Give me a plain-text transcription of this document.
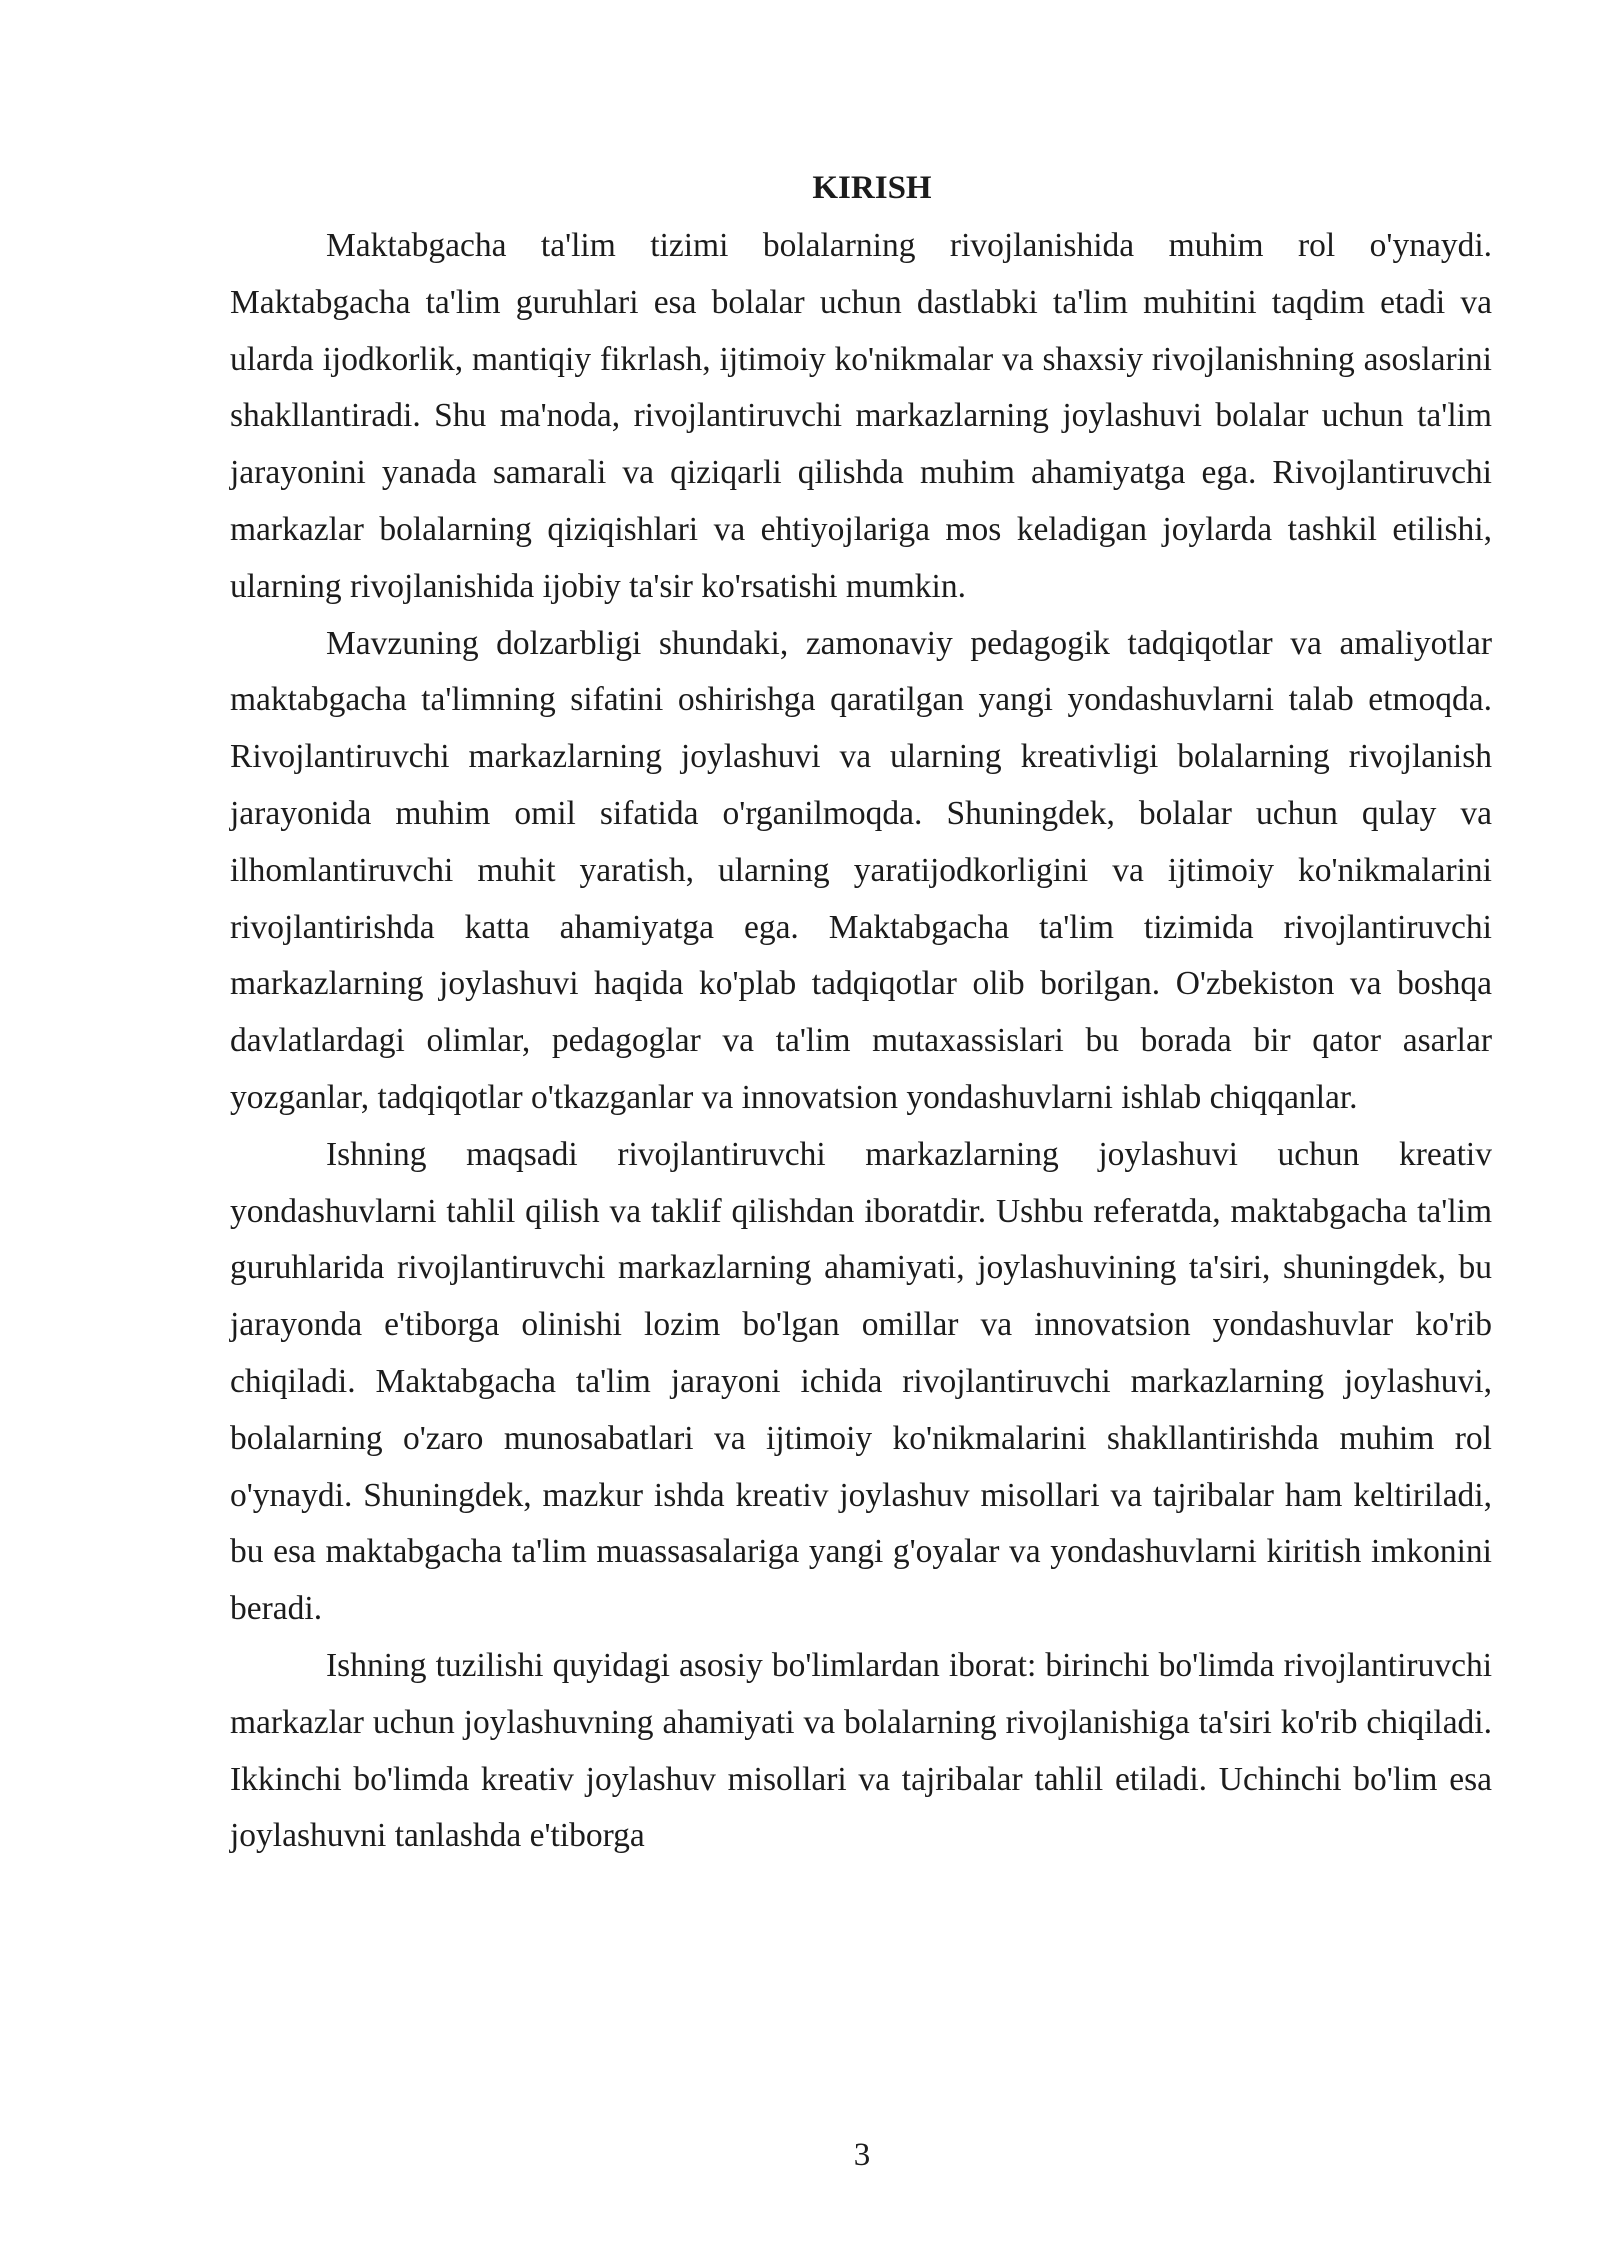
KIRISH

Maktabgacha ta'lim tizimi bolalarning rivojlanishida muhim rol o'ynaydi. Maktabgacha ta'lim guruhlari esa bolalar uchun dastlabki ta'lim muhitini taqdim etadi va ularda ijodkorlik, mantiqiy fikrlash, ijtimoiy ko'nikmalar va shaxsiy rivojlanishning asoslarini shakllantiradi. Shu ma'noda, rivojlantiruvchi markazlarning joylashuvi bolalar uchun ta'lim jarayonini yanada samarali va qiziqarli qilishda muhim ahamiyatga ega. Rivojlantiruvchi markazlar bolalarning qiziqishlari va ehtiyojlariga mos keladigan joylarda tashkil etilishi, ularning rivojlanishida ijobiy ta'sir ko'rsatishi mumkin.

Mavzuning dolzarbligi shundaki, zamonaviy pedagogik tadqiqotlar va amaliyotlar maktabgacha ta'limning sifatini oshirishga qaratilgan yangi yondashuvlarni talab etmoqda. Rivojlantiruvchi markazlarning joylashuvi va ularning kreativligi bolalarning rivojlanish jarayonida muhim omil sifatida o'rganilmoqda. Shuningdek, bolalar uchun qulay va ilhomlantiruvchi muhit yaratish, ularning yaratijodkorligini va ijtimoiy ko'nikmalarini rivojlantirishda katta ahamiyatga ega. Maktabgacha ta'lim tizimida rivojlantiruvchi markazlarning joylashuvi haqida ko'plab tadqiqotlar olib borilgan. O'zbekiston va boshqa davlatlardagi olimlar, pedagoglar va ta'lim mutaxassislari bu borada bir qator asarlar yozganlar, tadqiqotlar o'tkazganlar va innovatsion yondashuvlarni ishlab chiqqanlar.

Ishning maqsadi rivojlantiruvchi markazlarning joylashuvi uchun kreativ yondashuvlarni tahlil qilish va taklif qilishdan iboratdir. Ushbu referatda, maktabgacha ta'lim guruhlarida rivojlantiruvchi markazlarning ahamiyati, joylashuvining ta'siri, shuningdek, bu jarayonda e'tiborga olinishi lozim bo'lgan omillar va innovatsion yondashuvlar ko'rib chiqiladi. Maktabgacha ta'lim jarayoni ichida rivojlantiruvchi markazlarning joylashuvi, bolalarning o'zaro munosabatlari va ijtimoiy ko'nikmalarini shakllantirishda muhim rol o'ynaydi. Shuningdek, mazkur ishda kreativ joylashuv misollari va tajribalar ham keltiriladi, bu esa maktabgacha ta'lim muassasalariga yangi g'oyalar va yondashuvlarni kiritish imkonini beradi.

Ishning tuzilishi quyidagi asosiy bo'limlardan iborat: birinchi bo'limda rivojlantiruvchi markazlar uchun joylashuvning ahamiyati va bolalarning rivojlanishiga ta'siri ko'rib chiqiladi. Ikkinchi bo'limda kreativ joylashuv misollari va tajribalar tahlil etiladi. Uchinchi bo'lim esa joylashuvni tanlashda e'tiborga

3
